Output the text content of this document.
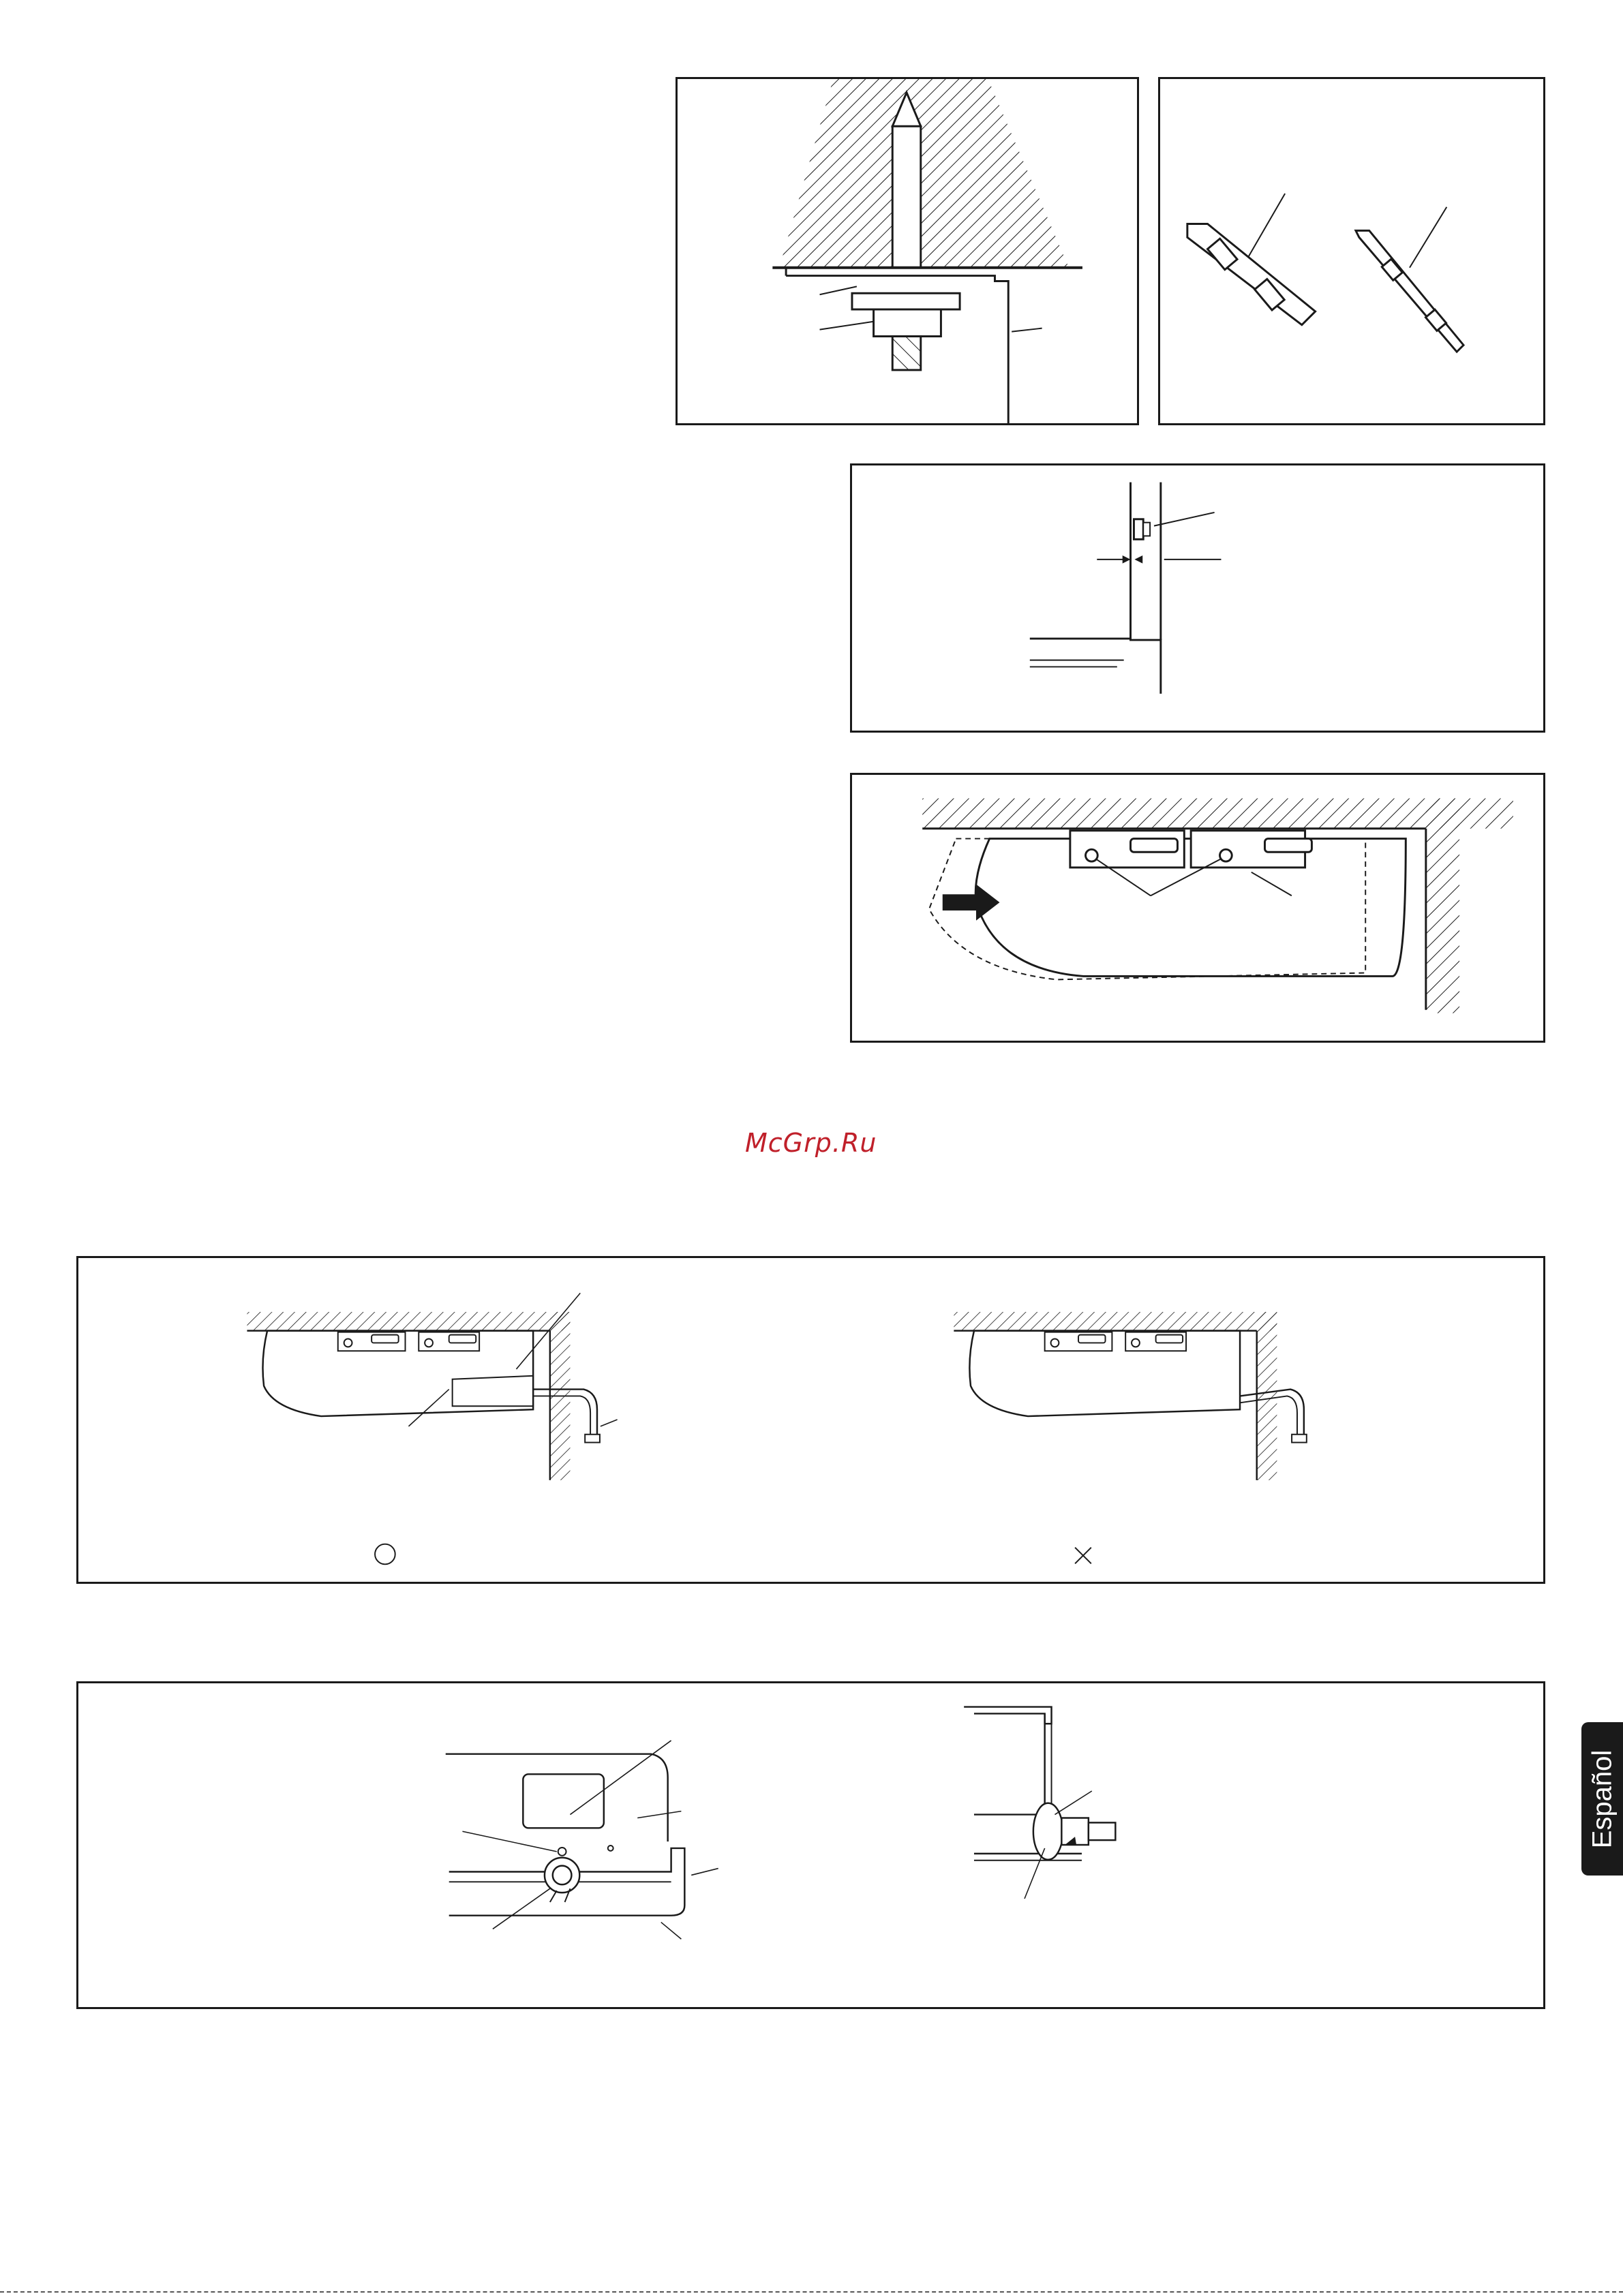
McGrp.Ru
Español
